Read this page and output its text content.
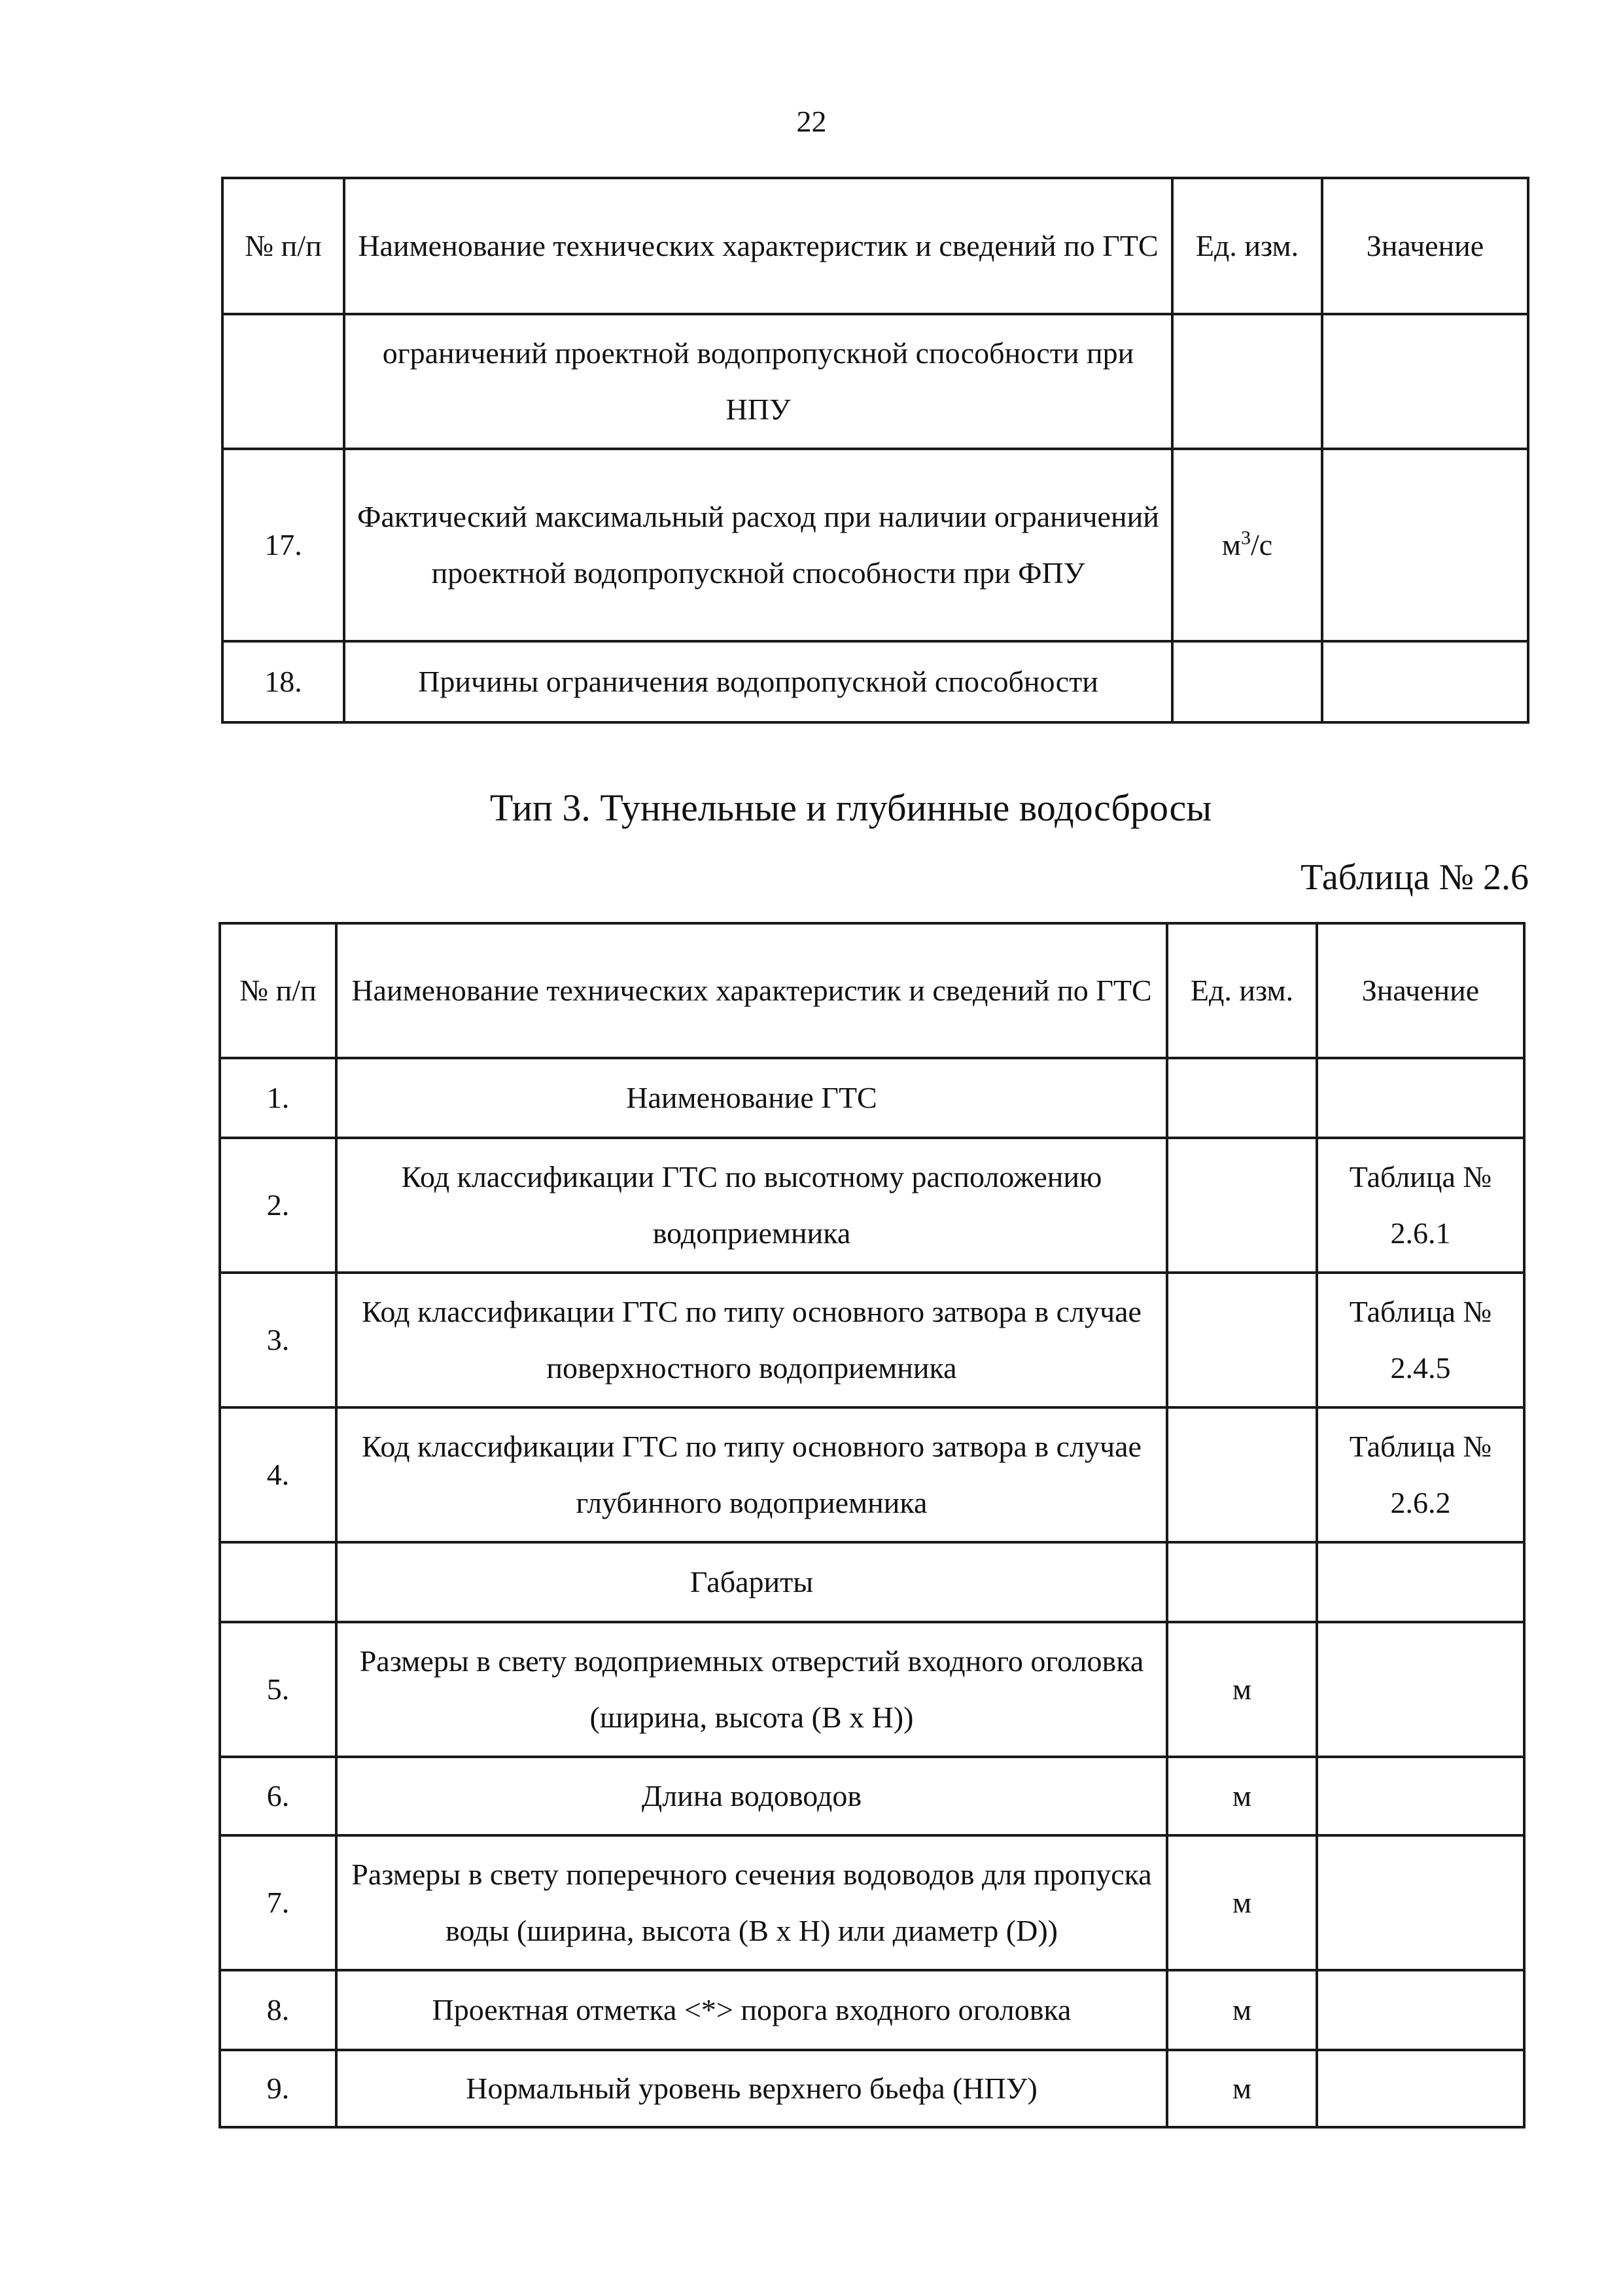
22
№ п/п	Наименование технических характеристик и сведений по ГТС	Ед. изм.	Значение
	ограничений проектной водопропускной способности при НПУ		
17.	Фактический максимальный расход при наличии ограничений проектной водопропускной способности при ФПУ	$м^3/с$	
18.	Причины ограничения водопропускной способности		
Тип 3. Туннельные и глубинные водосбросы
Таблица № 2.6
№ п/п	Наименование технических характеристик и сведений по ГТС	Ед. изм.	Значение
1.	Наименование ГТС		
2.	Код классификации ГТС по высотному расположению водоприемника		Таблица № 2.6.1
3.	Код классификации ГТС по типу основного затвора в случае поверхностного водоприемника		Таблица № 2.4.5
4.	Код классификации ГТС по типу основного затвора в случае глубинного водоприемника		Таблица № 2.6.2
	Габариты		
5.	Размеры в свету водоприемных отверстий входного оголовка (ширина, высота (B x H))	м	
6.	Длина водоводов	м	
7.	Размеры в свету поперечного сечения водоводов для пропуска воды (ширина, высота (B x H) или диаметр (D))	м	
8.	Проектная отметка <*> порога входного оголовка	м	
9.	Нормальный уровень верхнего бьефа (НПУ)	м	
